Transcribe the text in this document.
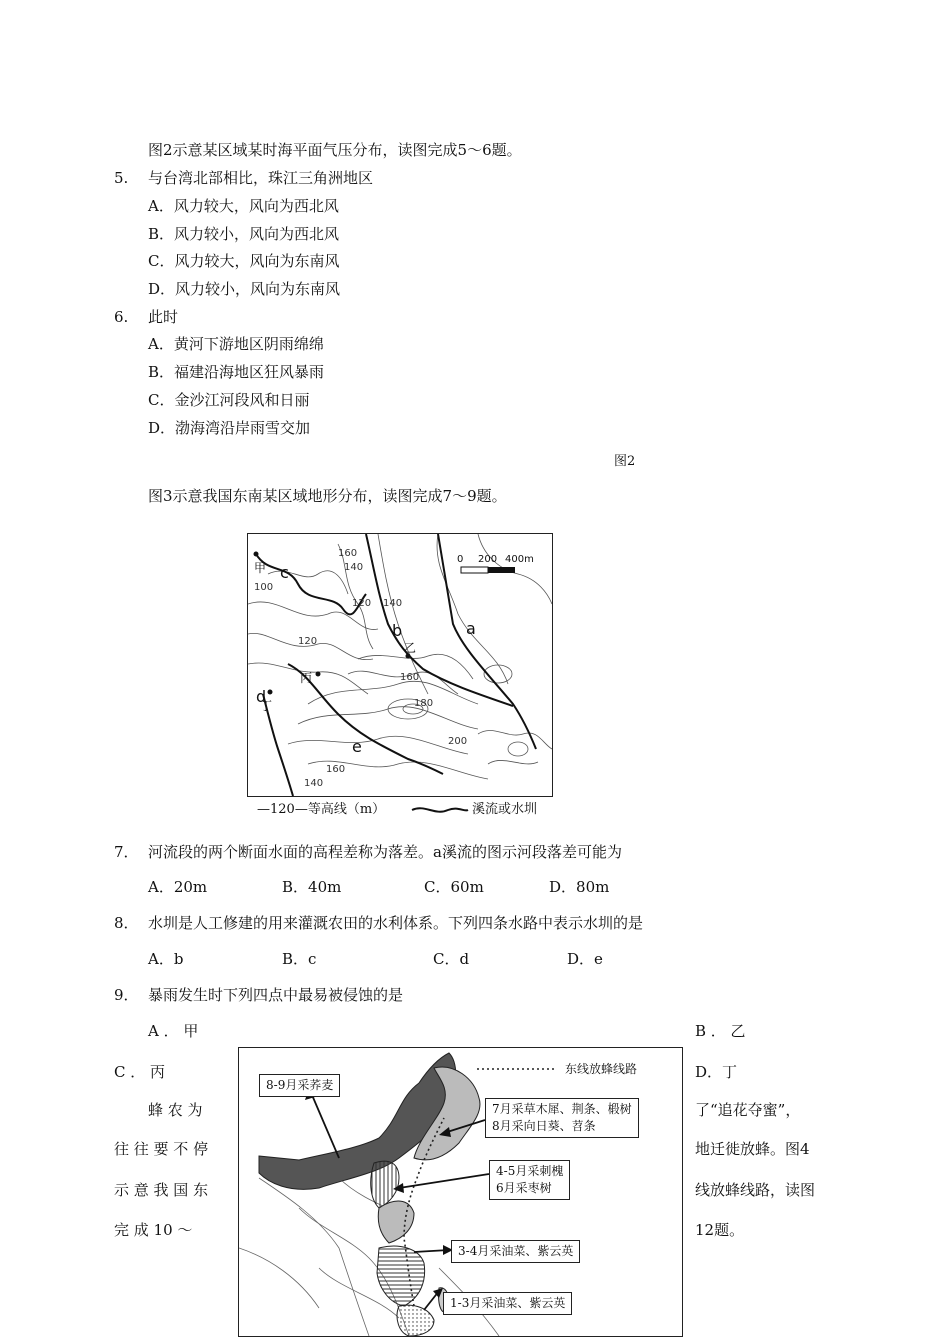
图2示意某区域某时海平面气压分布，读图完成5～6题。
5. 与台湾北部相比，珠江三角洲地区
A．风力较大，风向为西北风
B．风力较小，风向为西北风
C．风力较大，风向为东南风
D．风力较小，风向为东南风
6. 此时
A．黄河下游地区阴雨绵绵
B．福建沿海地区狂风暴雨
C．金沙江河段风和日丽
D．渤海湾沿岸雨雪交加
图2
图3示意我国东南某区域地形分布，读图完成7～9题。
0 200 400m
甲
乙
丙
丁
a
b
c
d
e
160
140
100
120 140
120
160
180
200
160
140
—120—等高线（m）	溪流或水圳
7． 河流段的两个断面水面的高程差称为落差。a溪流的图示河段落差可能为
A．20m	B．40m	C．60m	D．80m
8． 水圳是人工修建的用来灌溉农田的水利体系。下列四条水路中表示水圳的是
A．b	B．c	C．d	D．e
9． 暴雨发生时下列四点中最易被侵蚀的是
A ． 甲	B ． 乙
C ． 丙	D．丁
蜂 农 为
往 往 要 不 停
示 意 我 国 东
完 成 10 ～
了“追花夺蜜”，
地迁徙放蜂。图4
线放蜂线路，读图
12题。
东线放蜂线路
8-9月采荞麦
7月采草木犀、荆条、椴树
8月采向日葵、苕条
4-5月采刺槐
6月采枣树
3-4月采油菜、紫云英
1-3月采油菜、紫云英
